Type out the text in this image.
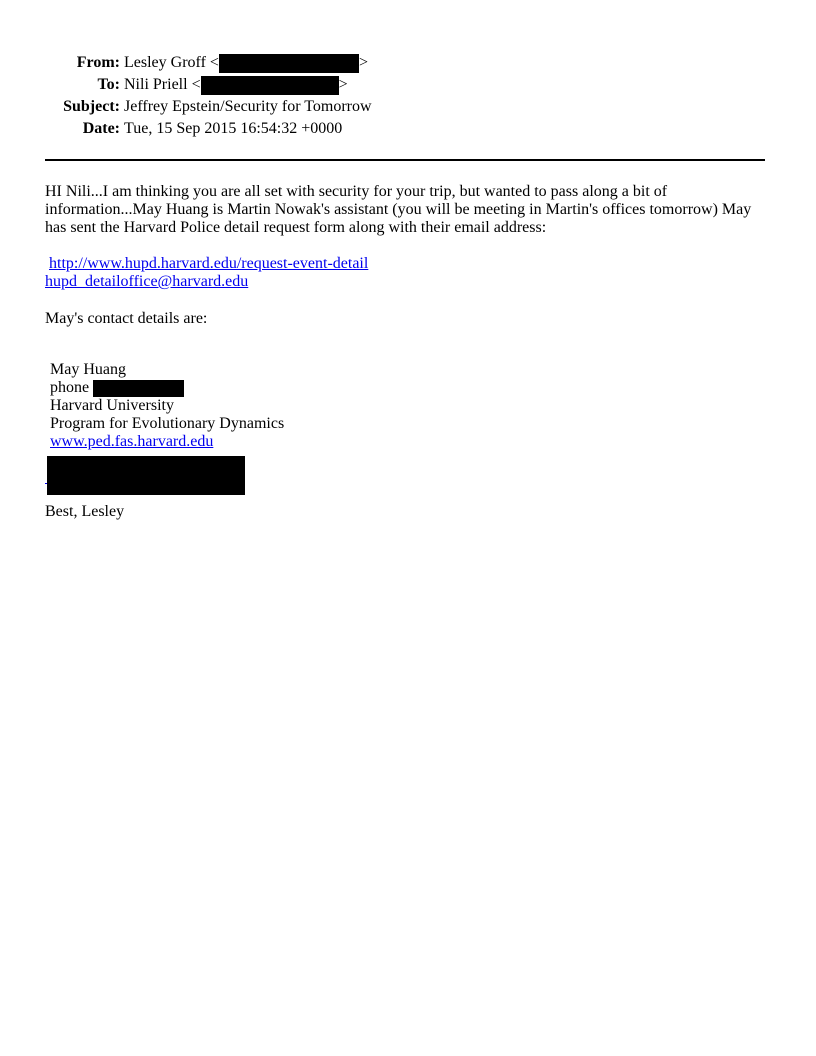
From:	Lesley Groff < >
To:	Nili Priell < >
Subject:	Jeffrey Epstein/Security for Tomorrow
Date:	Tue, 15 Sep 2015 16:54:32 +0000

HI Nili...I am thinking you are all set with security for your trip, but wanted to pass along a bit of information...May Huang is Martin Nowak's assistant (you will be meeting in Martin's offices tomorrow) May has sent the Harvard Police detail request form along with their email address:

http://www.hupd.harvard.edu/request-event-detail
hupd_detailoffice@harvard.edu

May's contact details are:

May Huang
phone
Harvard University
Program for Evolutionary Dynamics
www.ped.fas.harvard.edu

Best, Lesley
